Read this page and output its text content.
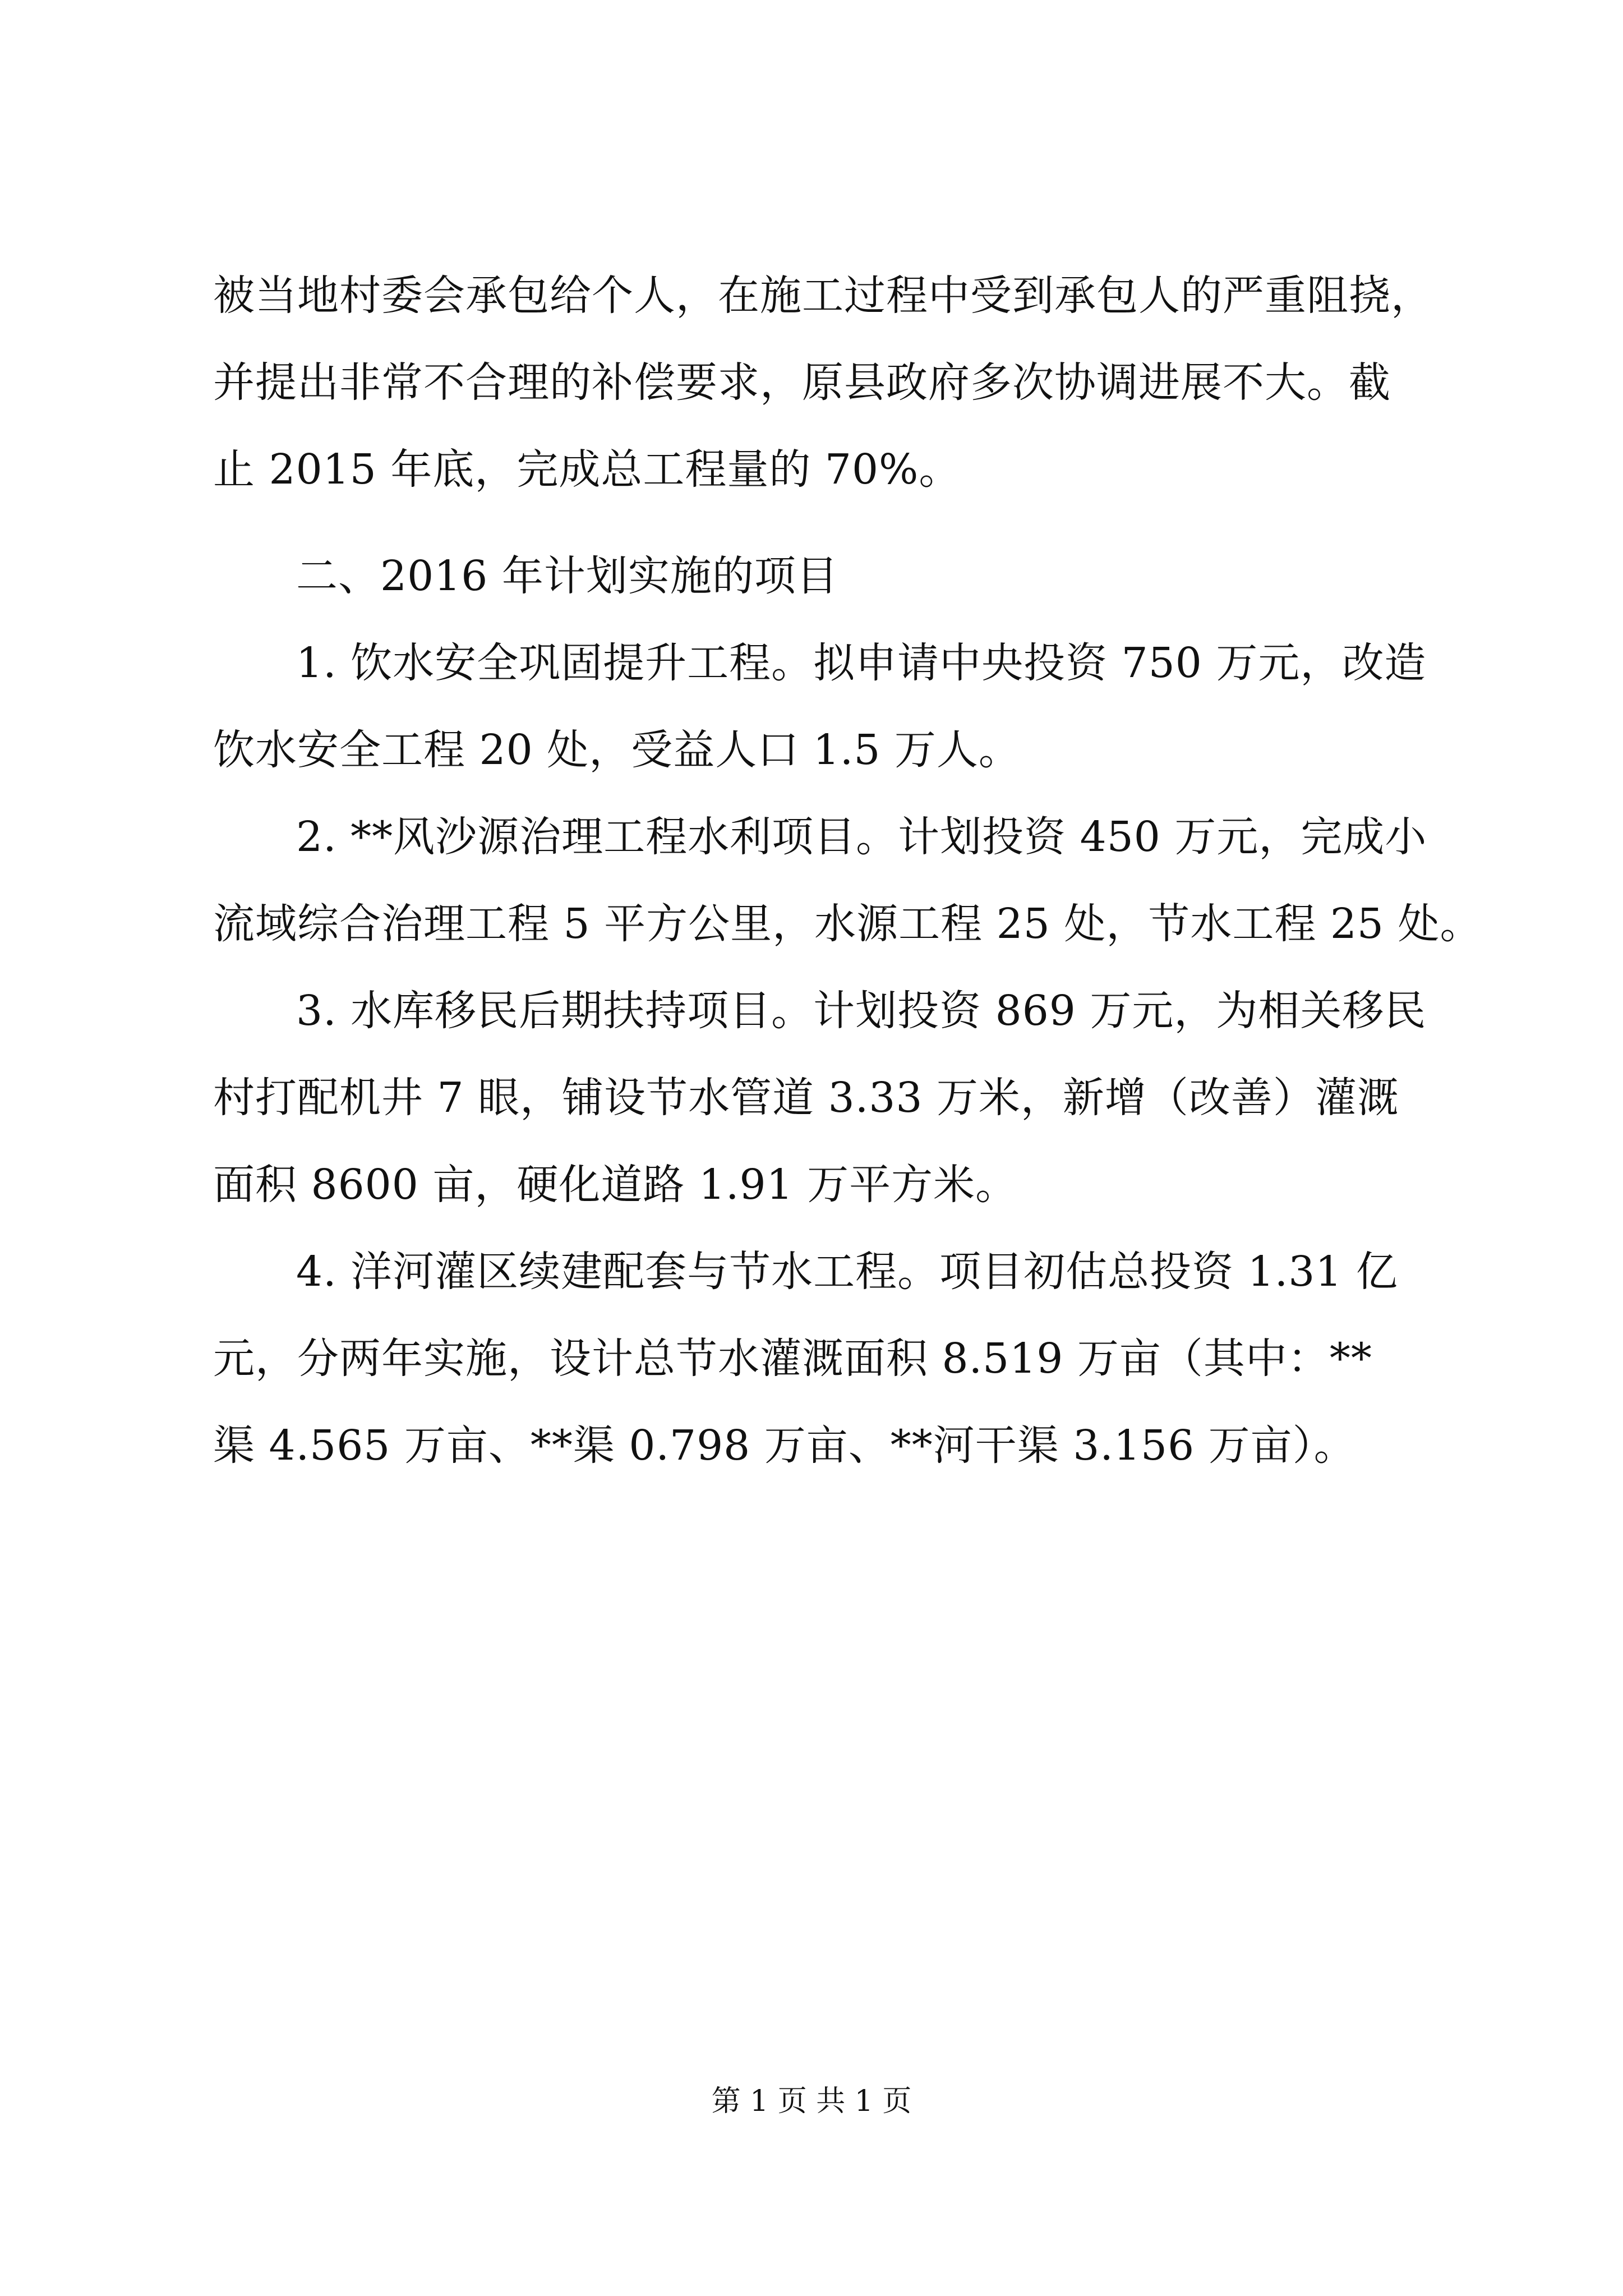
被当地村委会承包给个人，在施工过程中受到承包人的严重阻挠，
并提出非常不合理的补偿要求，原县政府多次协调进展不大。截
止 2015 年底，完成总工程量的 70%。
二、2016 年计划实施的项目
1. 饮水安全巩固提升工程。拟申请中央投资 750 万元，改造
饮水安全工程 20 处，受益人口 1.5 万人。
2. **风沙源治理工程水利项目。计划投资 450 万元，完成小
流域综合治理工程 5 平方公里，水源工程 25 处，节水工程 25 处。
3. 水库移民后期扶持项目。计划投资 869 万元，为相关移民
村打配机井 7 眼，铺设节水管道 3.33 万米，新增（改善）灌溉
面积 8600 亩，硬化道路 1.91 万平方米。
4. 洋河灌区续建配套与节水工程。项目初估总投资 1.31 亿
元，分两年实施，设计总节水灌溉面积 8.519 万亩（其中：**
渠 4.565 万亩、**渠 0.798 万亩、**河干渠 3.156 万亩）。
第 1 页 共 1 页
